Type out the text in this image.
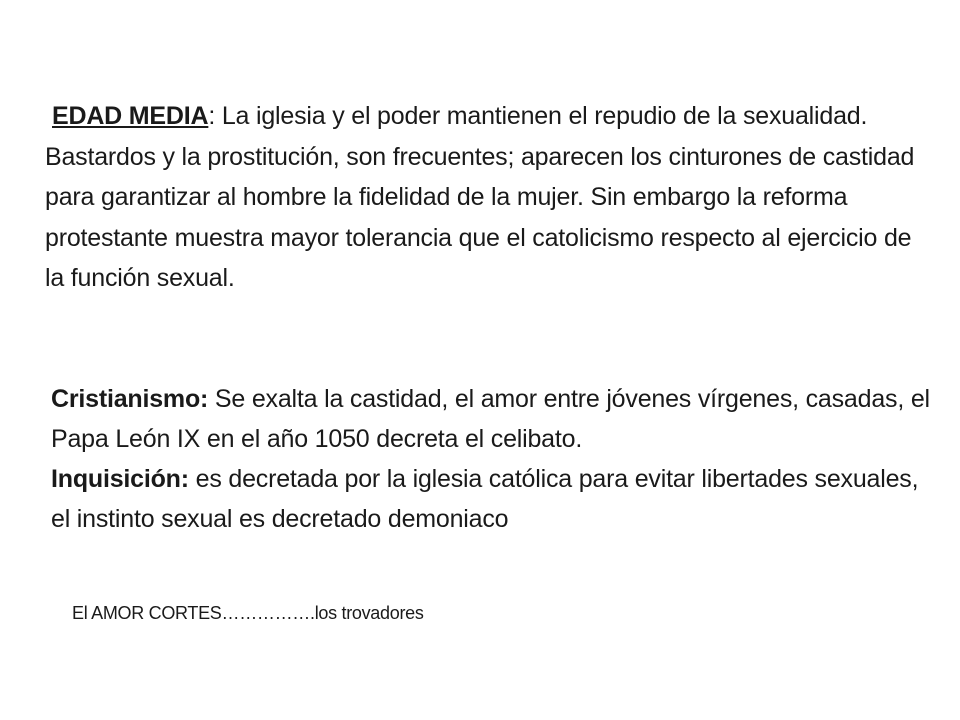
EDAD MEDIA: La iglesia y el poder mantienen el repudio de la sexualidad. Bastardos y la prostitución, son frecuentes; aparecen los cinturones de castidad para garantizar al hombre la fidelidad de la mujer. Sin embargo la reforma protestante muestra mayor tolerancia que el catolicismo respecto al ejercicio de la función sexual.

Cristianismo: Se exalta la castidad, el amor entre jóvenes vírgenes, casadas, el Papa León IX en el año 1050 decreta el celibato.

Inquisición: es decretada por la iglesia católica para evitar libertades sexuales, el instinto sexual es decretado demoniaco

El AMOR CORTES…………….los trovadores
